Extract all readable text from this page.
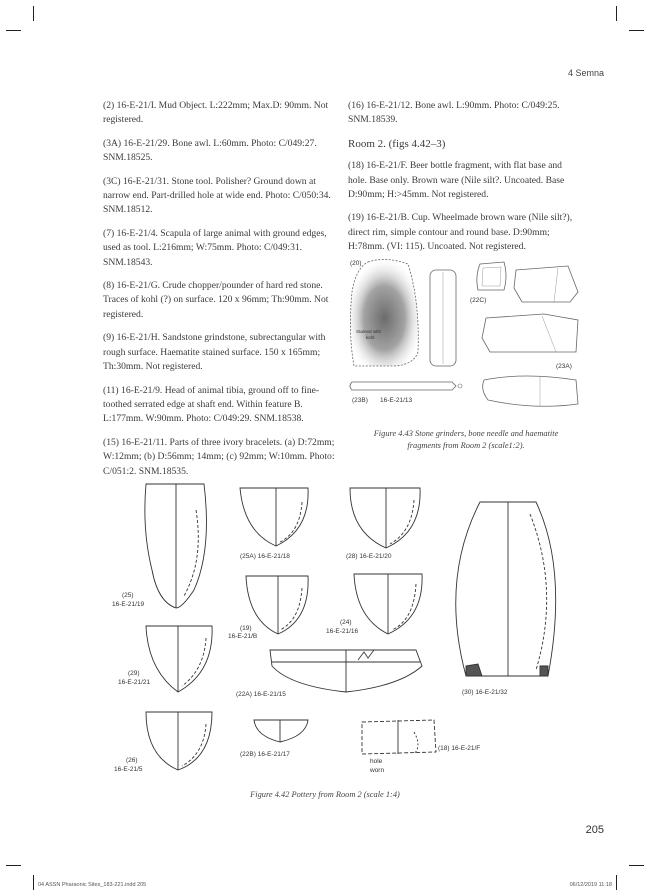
4 Semna

(2) 16-E-21/I. Mud Object. L:222mm; Max.D: 90mm. Not registered.

(3A) 16-E-21/29. Bone awl. L:60mm. Photo: C/049:27. SNM.18525.

(3C) 16-E-21/31. Stone tool. Polisher? Ground down at narrow end. Part-drilled hole at wide end. Photo: C/050:34. SNM.18512.

(7) 16-E-21/4. Scapula of large animal with ground edges, used as tool. L:216mm; W:75mm. Photo: C/049:31. SNM.18543.

(8) 16-E-21/G. Crude chopper/pounder of hard red stone. Traces of kohl (?) on surface. 120 x 96mm; Th:90mm. Not registered.

(9) 16-E-21/H. Sandstone grindstone, subrectangular with rough surface. Haematite stained surface. 150 x 165mm; Th:30mm. Not registered.

(11) 16-E-21/9. Head of animal tibia, ground off to fine-toothed serrated edge at shaft end. Within feature B. L:177mm. W:90mm. Photo: C/049:29. SNM.18538.

(15) 16-E-21/11. Parts of three ivory bracelets. (a) D:72mm; W:12mm; (b) D:56mm; 14mm; (c) 92mm; W:10mm. Photo: C/051:2. SNM.18535.

(16) 16-E-21/12. Bone awl. L:90mm. Photo: C/049:25. SNM.18539.

Room 2. (figs 4.42–3)

(18) 16-E-21/F. Beer bottle fragment, with flat base and hole. Base only. Brown ware (Nile silt?. Uncoated. Base D:90mm; H:>45mm. Not registered.

(19) 16-E-21/B. Cup. Wheelmade brown ware (Nile silt?), direct rim, simple contour and round base. D:90mm; H:78mm. (VI: 115). Uncoated. Not registered.

(20)
Stained with
kohl
(22C)
(23A)
(23B) 16-E-21/13
Figure 4.43 Stone grinders, bone needle and haematite
fragments from Room 2 (scale1:2).
(25)
16-E-21/19
(25A) 16-E-21/18	(28) 16-E-21/20
(19)
16-E-21/B
(24)
16-E-21/16
(29)
16-E-21/21
(22A) 16-E-21/15	(30) 16-E-21/32
(26)
16-E-21/5
(22B) 16-E-21/17
(18) 16-E-21/F
hole
worn
Figure 4.42 Pottery from Room 2 (scale 1:4)
205
04 ASSN Pharaonic Sites_183-221.indd 205	06/12/2019 11:18
